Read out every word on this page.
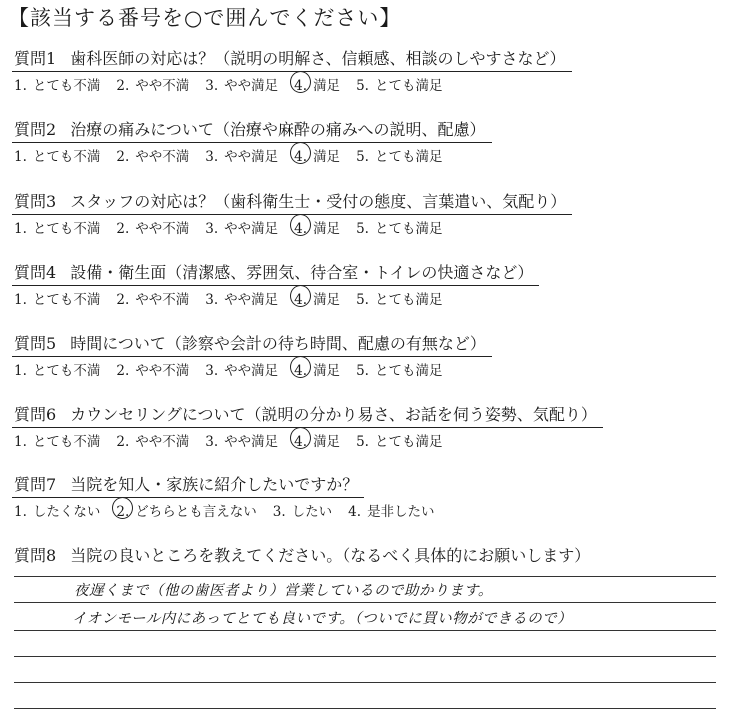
【該当する番号を○で囲んでください】
質問1 歯科医師の対応は？（説明の明解さ、信頼感、相談のしやすさなど）
1. とても不満 2. やや不満 3. やや満足 4. 満足 5. とても満足
質問2 治療の痛みについて（治療や麻酔の痛みへの説明、配慮）
1. とても不満 2. やや不満 3. やや満足 4. 満足 5. とても満足
質問3 スタッフの対応は？（歯科衛生士・受付の態度、言葉遣い、気配り）
1. とても不満 2. やや不満 3. やや満足 4. 満足 5. とても満足
質問4 設備・衛生面（清潔感、雰囲気、待合室・トイレの快適さなど）
1. とても不満 2. やや不満 3. やや満足 4. 満足 5. とても満足
質問5 時間について（診察や会計の待ち時間、配慮の有無など）
1. とても不満 2. やや不満 3. やや満足 4. 満足 5. とても満足
質問6 カウンセリングについて（説明の分かり易さ、お話を伺う姿勢、気配り）
1. とても不満 2. やや不満 3. やや満足 4. 満足 5. とても満足
質問7 当院を知人・家族に紹介したいですか？
1. したくない 2. どちらとも言えない 3. したい 4. 是非したい
質問8 当院の良いところを教えてください。（なるべく具体的にお願いします）
夜遅くまで（他の歯医者より）営業しているので助かります。
イオンモール内にあってとても良いです。（ついでに買い物ができるので）
